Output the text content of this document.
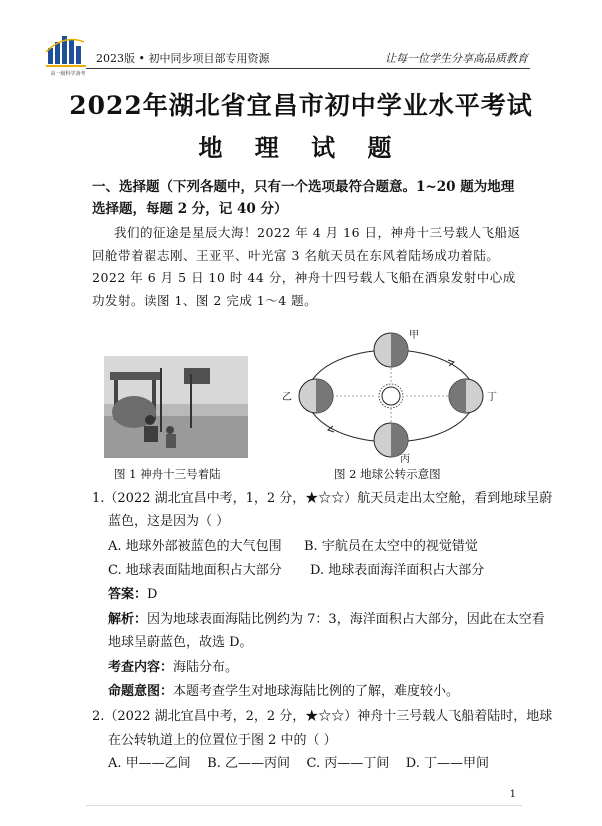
高一级科学备考
2023版 • 初中同步项目部专用资源	让每一位学生分享高品质教育
2022年湖北省宜昌市初中学业水平考试
地 理 试 题
一、选择题（下列各题中，只有一个选项最符合题意。1~20 题为地理选择题，每题 2 分，记 40 分）
我们的征途是星辰大海！2022 年 4 月 16 日，神舟十三号载人飞船返回舱带着翟志刚、王亚平、叶光富 3 名航天员在东风着陆场成功着陆。2022 年 6 月 5 日 10 时 44 分，神舟十四号载人飞船在酒泉发射中心成功发射。读图 1、图 2 完成 1～4 题。
甲
乙
丙
丁
图 1 神舟十三号着陆	图 2 地球公转示意图
1.（2022 湖北宜昌中考，1，2 分，★☆☆）航天员走出太空舱，看到地球呈蔚
蓝色，这是因为（ ）
A. 地球外部被蓝色的大气包围 B. 宇航员在太空中的视觉错觉
C. 地球表面陆地面积占大部分 D. 地球表面海洋面积占大部分
答案：D
解析：因为地球表面海陆比例约为 7：3，海洋面积占大部分，因此在太空看
地球呈蔚蓝色，故选 D。
考查内容：海陆分布。
命题意图：本题考查学生对地球海陆比例的了解，难度较小。
2.（2022 湖北宜昌中考，2，2 分，★☆☆）神舟十三号载人飞船着陆时，地球
在公转轨道上的位置位于图 2 中的（ ）
A. 甲——乙间    B. 乙——丙间    C. 丙——丁间    D. 丁——甲间
1
